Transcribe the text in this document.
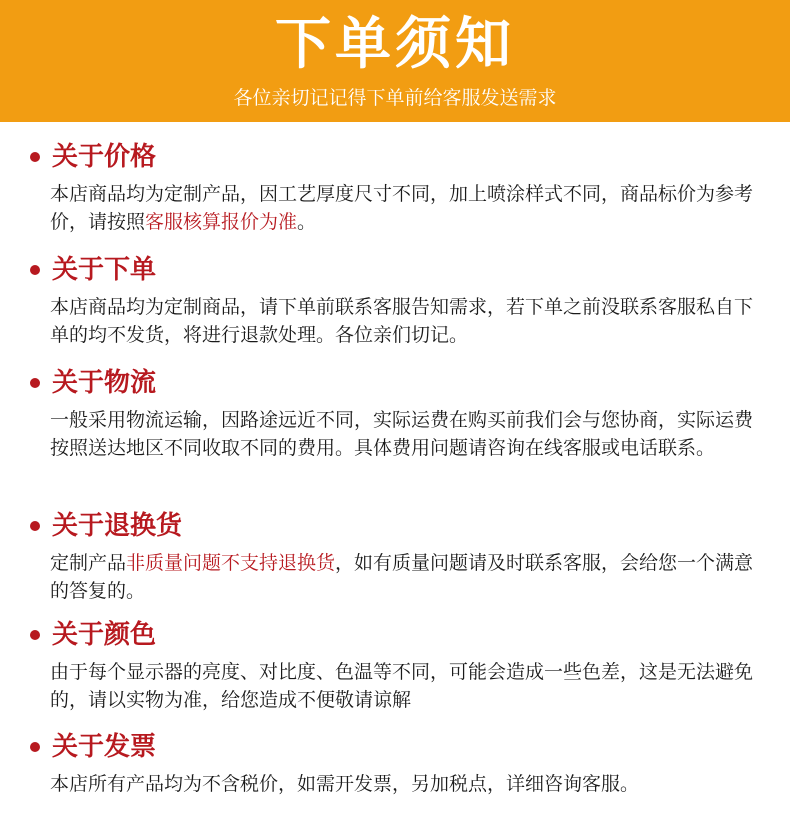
下单须知
各位亲切记记得下单前给客服发送需求
关于价格
本店商品均为定制产品，因工艺厚度尺寸不同，加上喷涂样式不同，商品标价为参考价，请按照客服核算报价为准。
关于下单
本店商品均为定制商品，请下单前联系客服告知需求，若下单之前没联系客服私自下单的均不发货，将进行退款处理。各位亲们切记。
关于物流
一般采用物流运输，因路途远近不同，实际运费在购买前我们会与您协商，实际运费按照送达地区不同收取不同的费用。具体费用问题请咨询在线客服或电话联系。
关于退换货
定制产品非质量问题不支持退换货，如有质量问题请及时联系客服，会给您一个满意的答复的。
关于颜色
由于每个显示器的亮度、对比度、色温等不同，可能会造成一些色差，这是无法避免的，请以实物为准，给您造成不便敬请谅解
关于发票
本店所有产品均为不含税价，如需开发票，另加税点，详细咨询客服。
